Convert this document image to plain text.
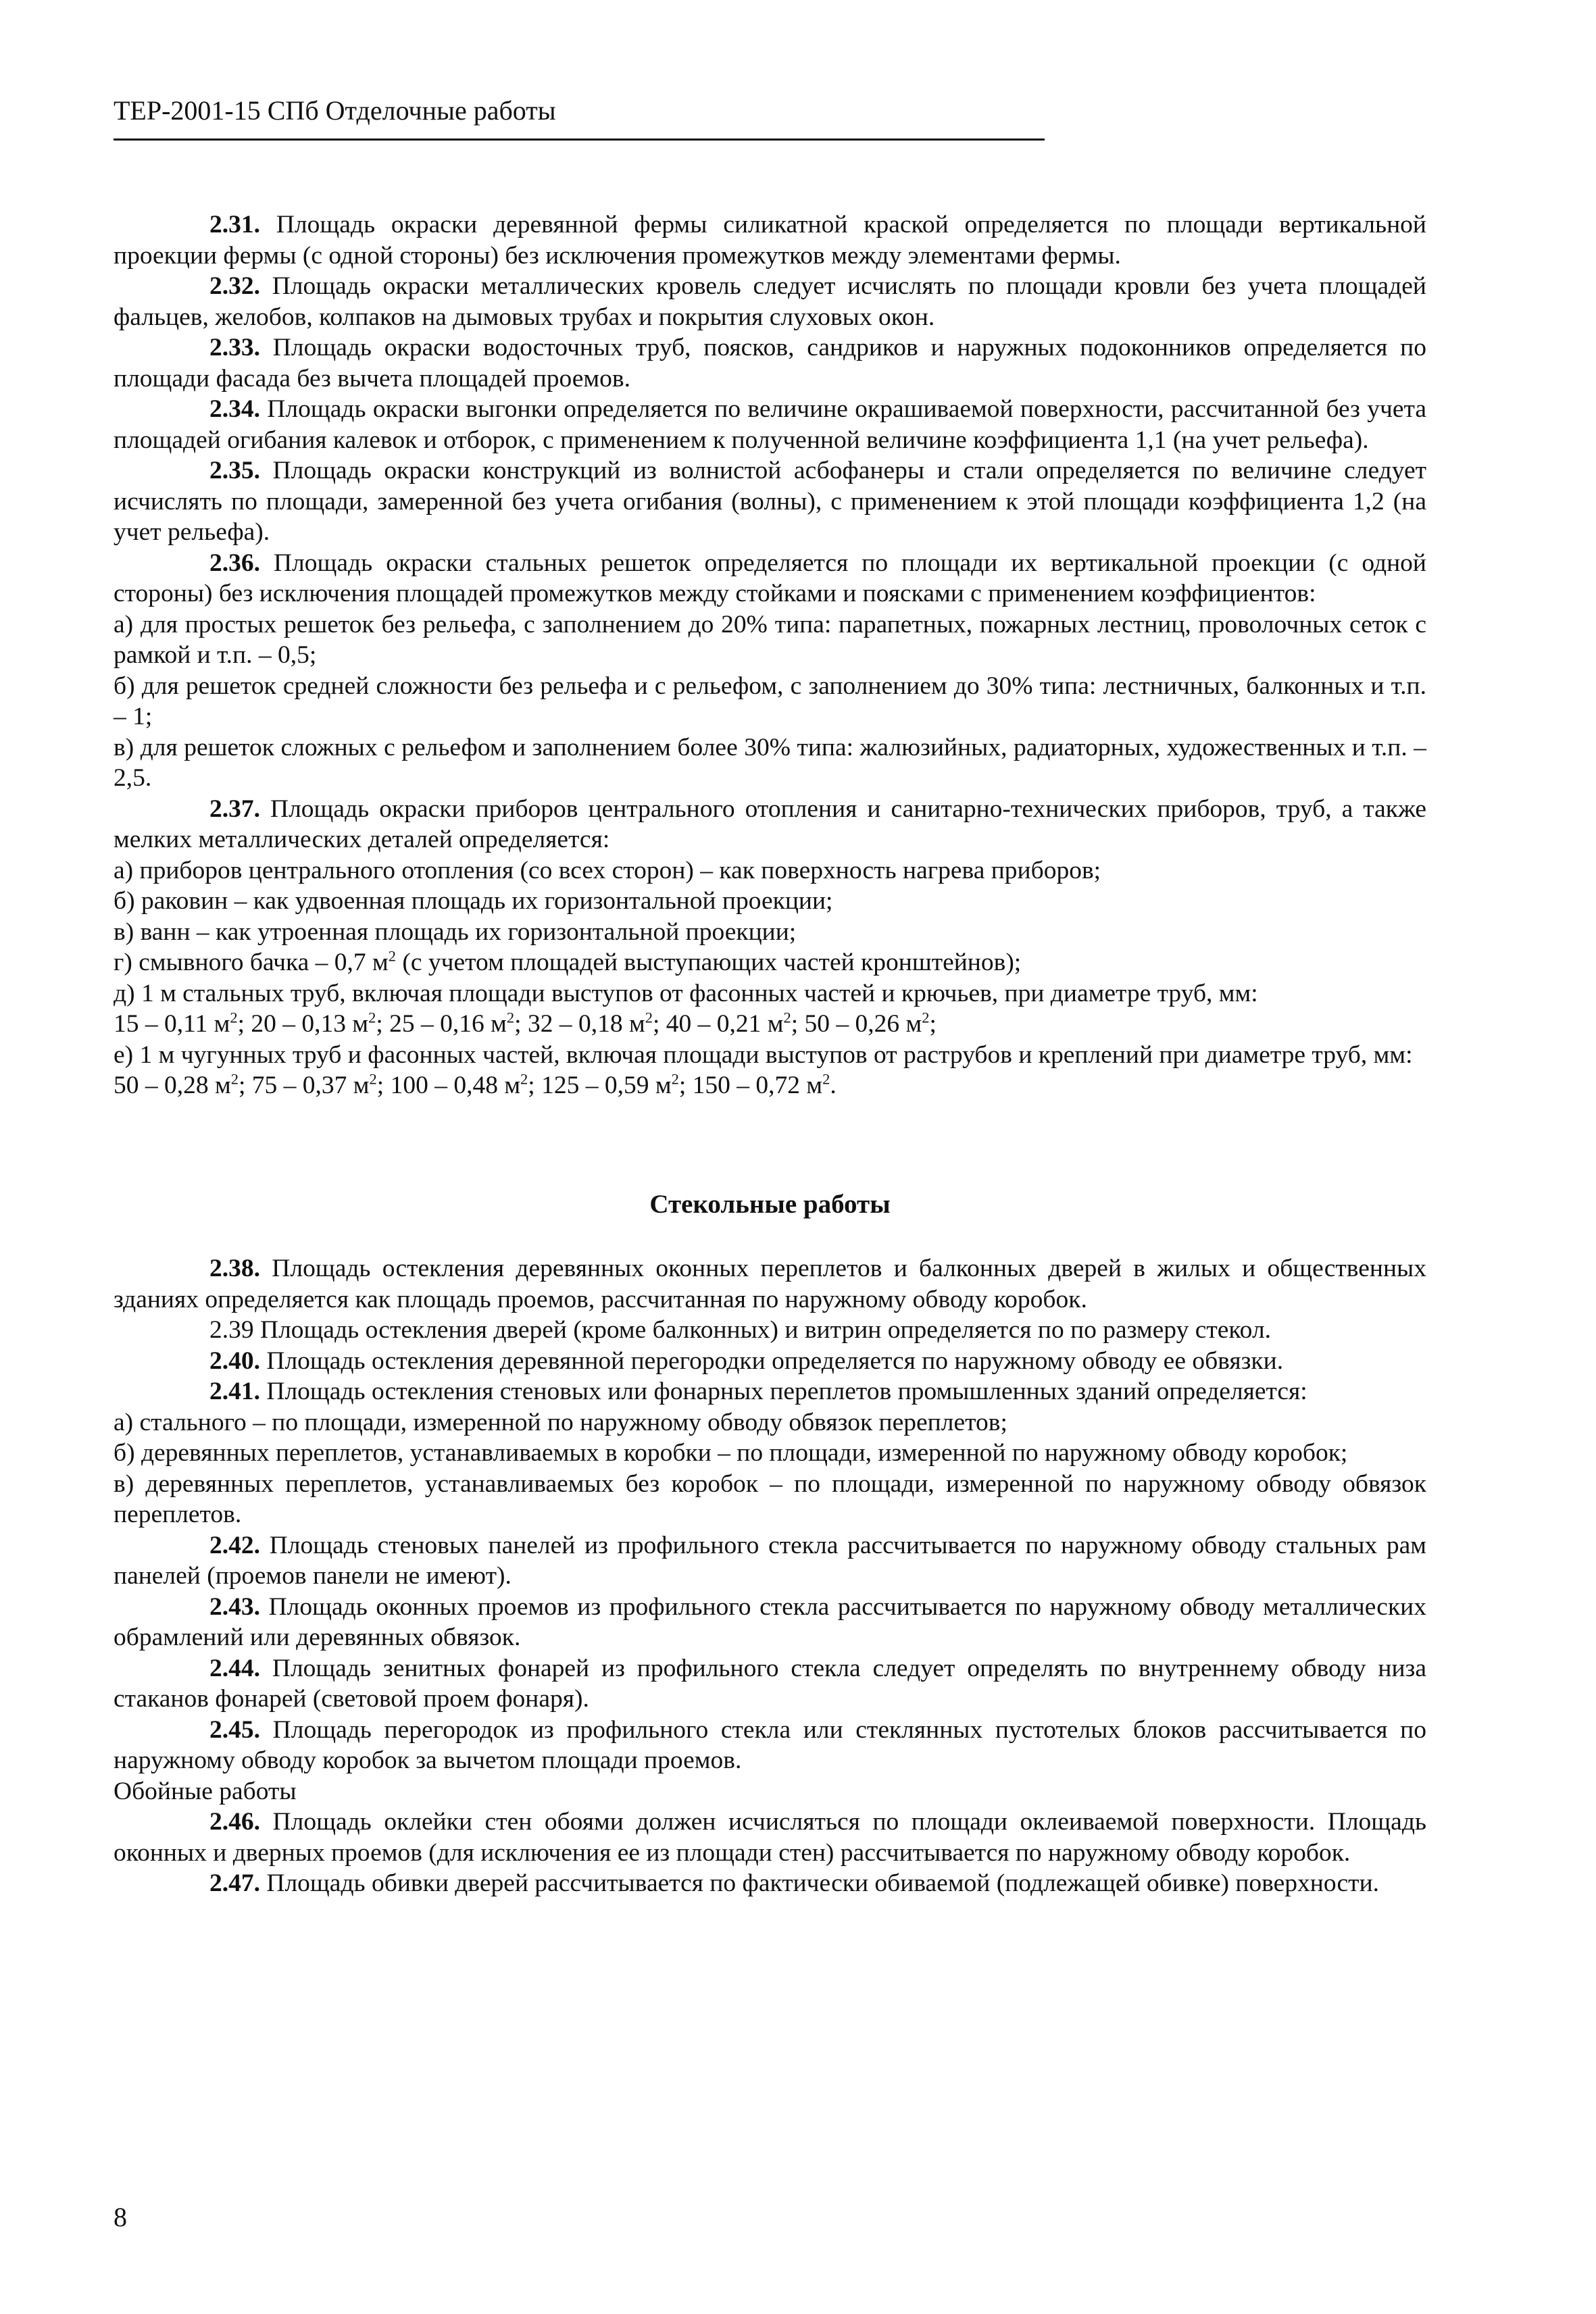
ТЕР-2001-15 СПб Отделочные работы

2.31. Площадь окраски деревянной фермы силикатной краской определяется по площади вертикальной проекции фермы (с одной стороны) без исключения промежутков между элементами фермы.

2.32. Площадь окраски металлических кровель следует исчислять по площади кровли без учета площадей фальцев, желобов, колпаков на дымовых трубах и покрытия слуховых окон.

2.33. Площадь окраски водосточных труб, поясков, сандриков и наружных подоконников определяется по площади фасада без вычета площадей проемов.

2.34. Площадь окраски выгонки определяется по величине окрашиваемой поверхности, рассчитанной без учета площадей огибания калевок и отборок, с применением к полученной величине коэффициента 1,1 (на учет рельефа).

2.35. Площадь окраски конструкций из волнистой асбофанеры и стали определяется по величине следует исчислять по площади, замеренной без учета огибания (волны), с применением к этой площади коэффициента 1,2 (на учет рельефа).

2.36. Площадь окраски стальных решеток определяется по площади их вертикальной проекции (с одной стороны) без исключения площадей промежутков между стойками и поясками с применением коэффициентов:

а) для простых решеток без рельефа, с заполнением до 20% типа: парапетных, пожарных лестниц, проволочных сеток с рамкой и т.п. – 0,5;

б) для решеток средней сложности без рельефа и с рельефом, с заполнением до 30% типа: лестничных, балконных и т.п. – 1;

в) для решеток сложных с рельефом и заполнением более 30% типа: жалюзийных, радиаторных, художественных и т.п. – 2,5.

2.37. Площадь окраски приборов центрального отопления и санитарно-технических приборов, труб, а также мелких металлических деталей определяется:

а) приборов центрального отопления (со всех сторон) – как поверхность нагрева приборов;

б) раковин – как удвоенная площадь их горизонтальной проекции;

в) ванн – как утроенная площадь их горизонтальной проекции;

г) смывного бачка – 0,7 $м^2$ (с учетом площадей выступающих частей кронштейнов);

д) 1 м стальных труб, включая площади выступов от фасонных частей и крючьев, при диаметре труб, мм:

15 – 0,11 $м^2$; 20 – 0,13 $м^2$; 25 – 0,16 $м^2$; 32 – 0,18 $м^2$; 40 – 0,21 $м^2$; 50 – 0,26 $м^2$;

е) 1 м чугунных труб и фасонных частей, включая площади выступов от раструбов и креплений при диаметре труб, мм:

50 – 0,28 $м^2$; 75 – 0,37 $м^2$; 100 – 0,48 $м^2$; 125 – 0,59 $м^2$; 150 – 0,72 $м^2$.

Стекольные работы

2.38. Площадь остекления деревянных оконных переплетов и балконных дверей в жилых и общественных зданиях определяется как площадь проемов, рассчитанная по наружному обводу коробок.

2.39 Площадь остекления дверей (кроме балконных) и витрин определяется по по размеру стекол.

2.40. Площадь остекления деревянной перегородки определяется по наружному обводу ее обвязки.

2.41. Площадь остекления стеновых или фонарных переплетов промышленных зданий определяется:

а) стального – по площади, измеренной по наружному обводу обвязок переплетов;

б) деревянных переплетов, устанавливаемых в коробки – по площади, измеренной по наружному обводу коробок;

в) деревянных переплетов, устанавливаемых без коробок – по площади, измеренной по наружному обводу обвязок переплетов.

2.42. Площадь стеновых панелей из профильного стекла рассчитывается по наружному обводу стальных рам панелей (проемов панели не имеют).

2.43. Площадь оконных проемов из профильного стекла рассчитывается по наружному обводу металлических обрамлений или деревянных обвязок.

2.44. Площадь зенитных фонарей из профильного стекла следует определять по внутреннему обводу низа стаканов фонарей (световой проем фонаря).

2.45. Площадь перегородок из профильного стекла или стеклянных пустотелых блоков рассчитывается по наружному обводу коробок за вычетом площади проемов.

Обойные работы

2.46. Площадь оклейки стен обоями должен исчисляться по площади оклеиваемой поверхности. Площадь оконных и дверных проемов (для исключения ее из площади стен) рассчитывается по наружному обводу коробок.

2.47. Площадь обивки дверей рассчитывается по фактически обиваемой (подлежащей обивке) поверхности.

8
